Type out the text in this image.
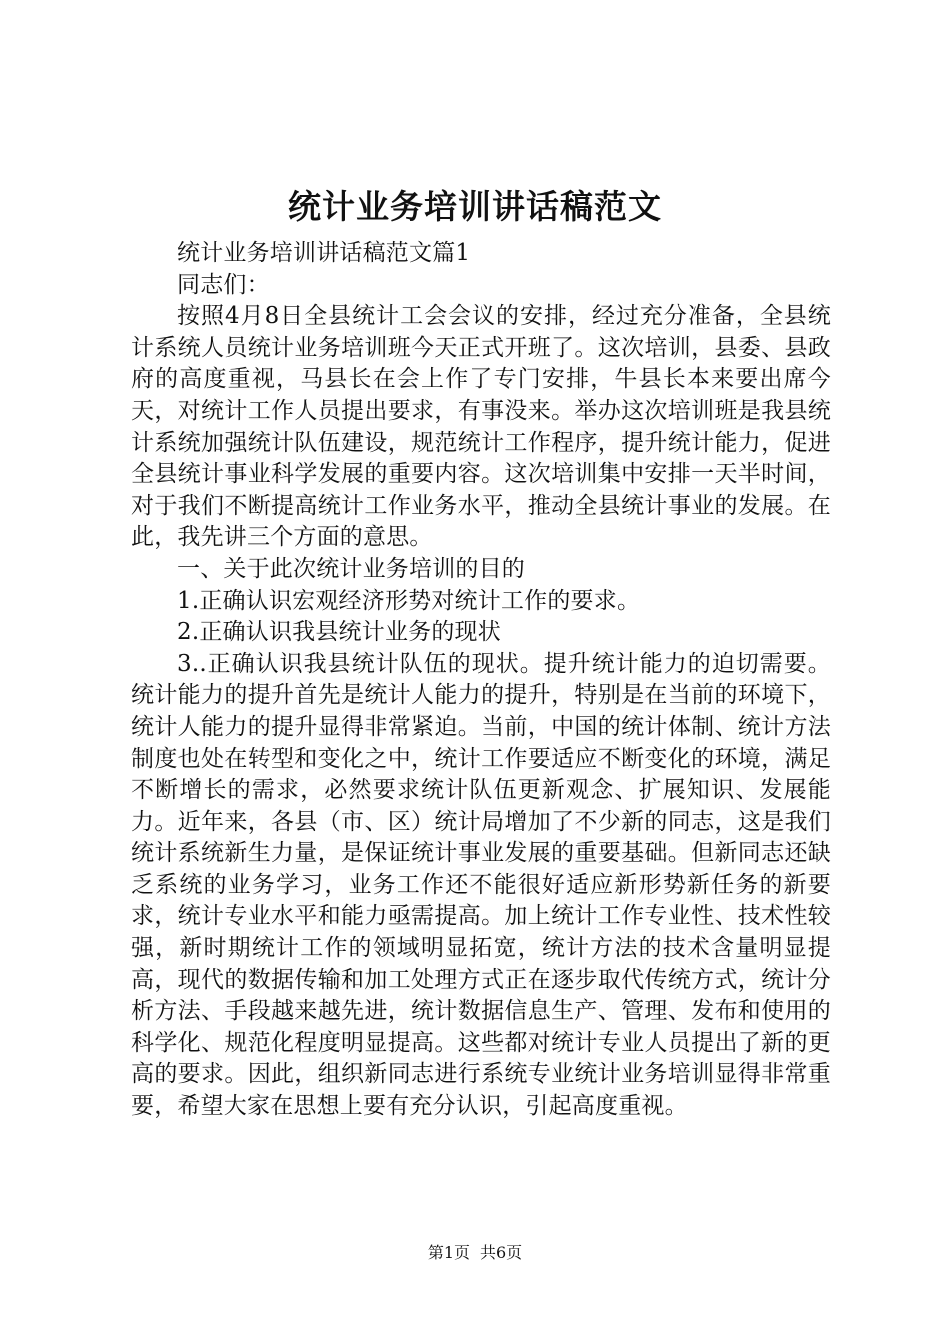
统计业务培训讲话稿范文

统计业务培训讲话稿范文篇1

同志们：

按照4月8日全县统计工会会议的安排，经过充分准备，全县统计系统人员统计业务培训班今天正式开班了。这次培训，县委、县政府的高度重视，马县长在会上作了专门安排，牛县长本来要出席今天，对统计工作人员提出要求，有事没来。举办这次培训班是我县统计系统加强统计队伍建设，规范统计工作程序，提升统计能力，促进全县统计事业科学发展的重要内容。这次培训集中安排一天半时间，对于我们不断提高统计工作业务水平，推动全县统计事业的发展。在此，我先讲三个方面的意思。

一、关于此次统计业务培训的目的

1.正确认识宏观经济形势对统计工作的要求。

2.正确认识我县统计业务的现状

3..正确认识我县统计队伍的现状。提升统计能力的迫切需要。统计能力的提升首先是统计人能力的提升，特别是在当前的环境下，统计人能力的提升显得非常紧迫。当前，中国的统计体制、统计方法制度也处在转型和变化之中，统计工作要适应不断变化的环境，满足不断增长的需求，必然要求统计队伍更新观念、扩展知识、发展能力。近年来，各县（市、区）统计局增加了不少新的同志，这是我们统计系统新生力量，是保证统计事业发展的重要基础。但新同志还缺乏系统的业务学习，业务工作还不能很好适应新形势新任务的新要求，统计专业水平和能力亟需提高。加上统计工作专业性、技术性较强，新时期统计工作的领域明显拓宽，统计方法的技术含量明显提高，现代的数据传输和加工处理方式正在逐步取代传统方式，统计分析方法、手段越来越先进，统计数据信息生产、管理、发布和使用的科学化、规范化程度明显提高。这些都对统计专业人员提出了新的更高的要求。因此，组织新同志进行系统专业统计业务培训显得非常重要，希望大家在思想上要有充分认识，引起高度重视。

第1页 共6页
